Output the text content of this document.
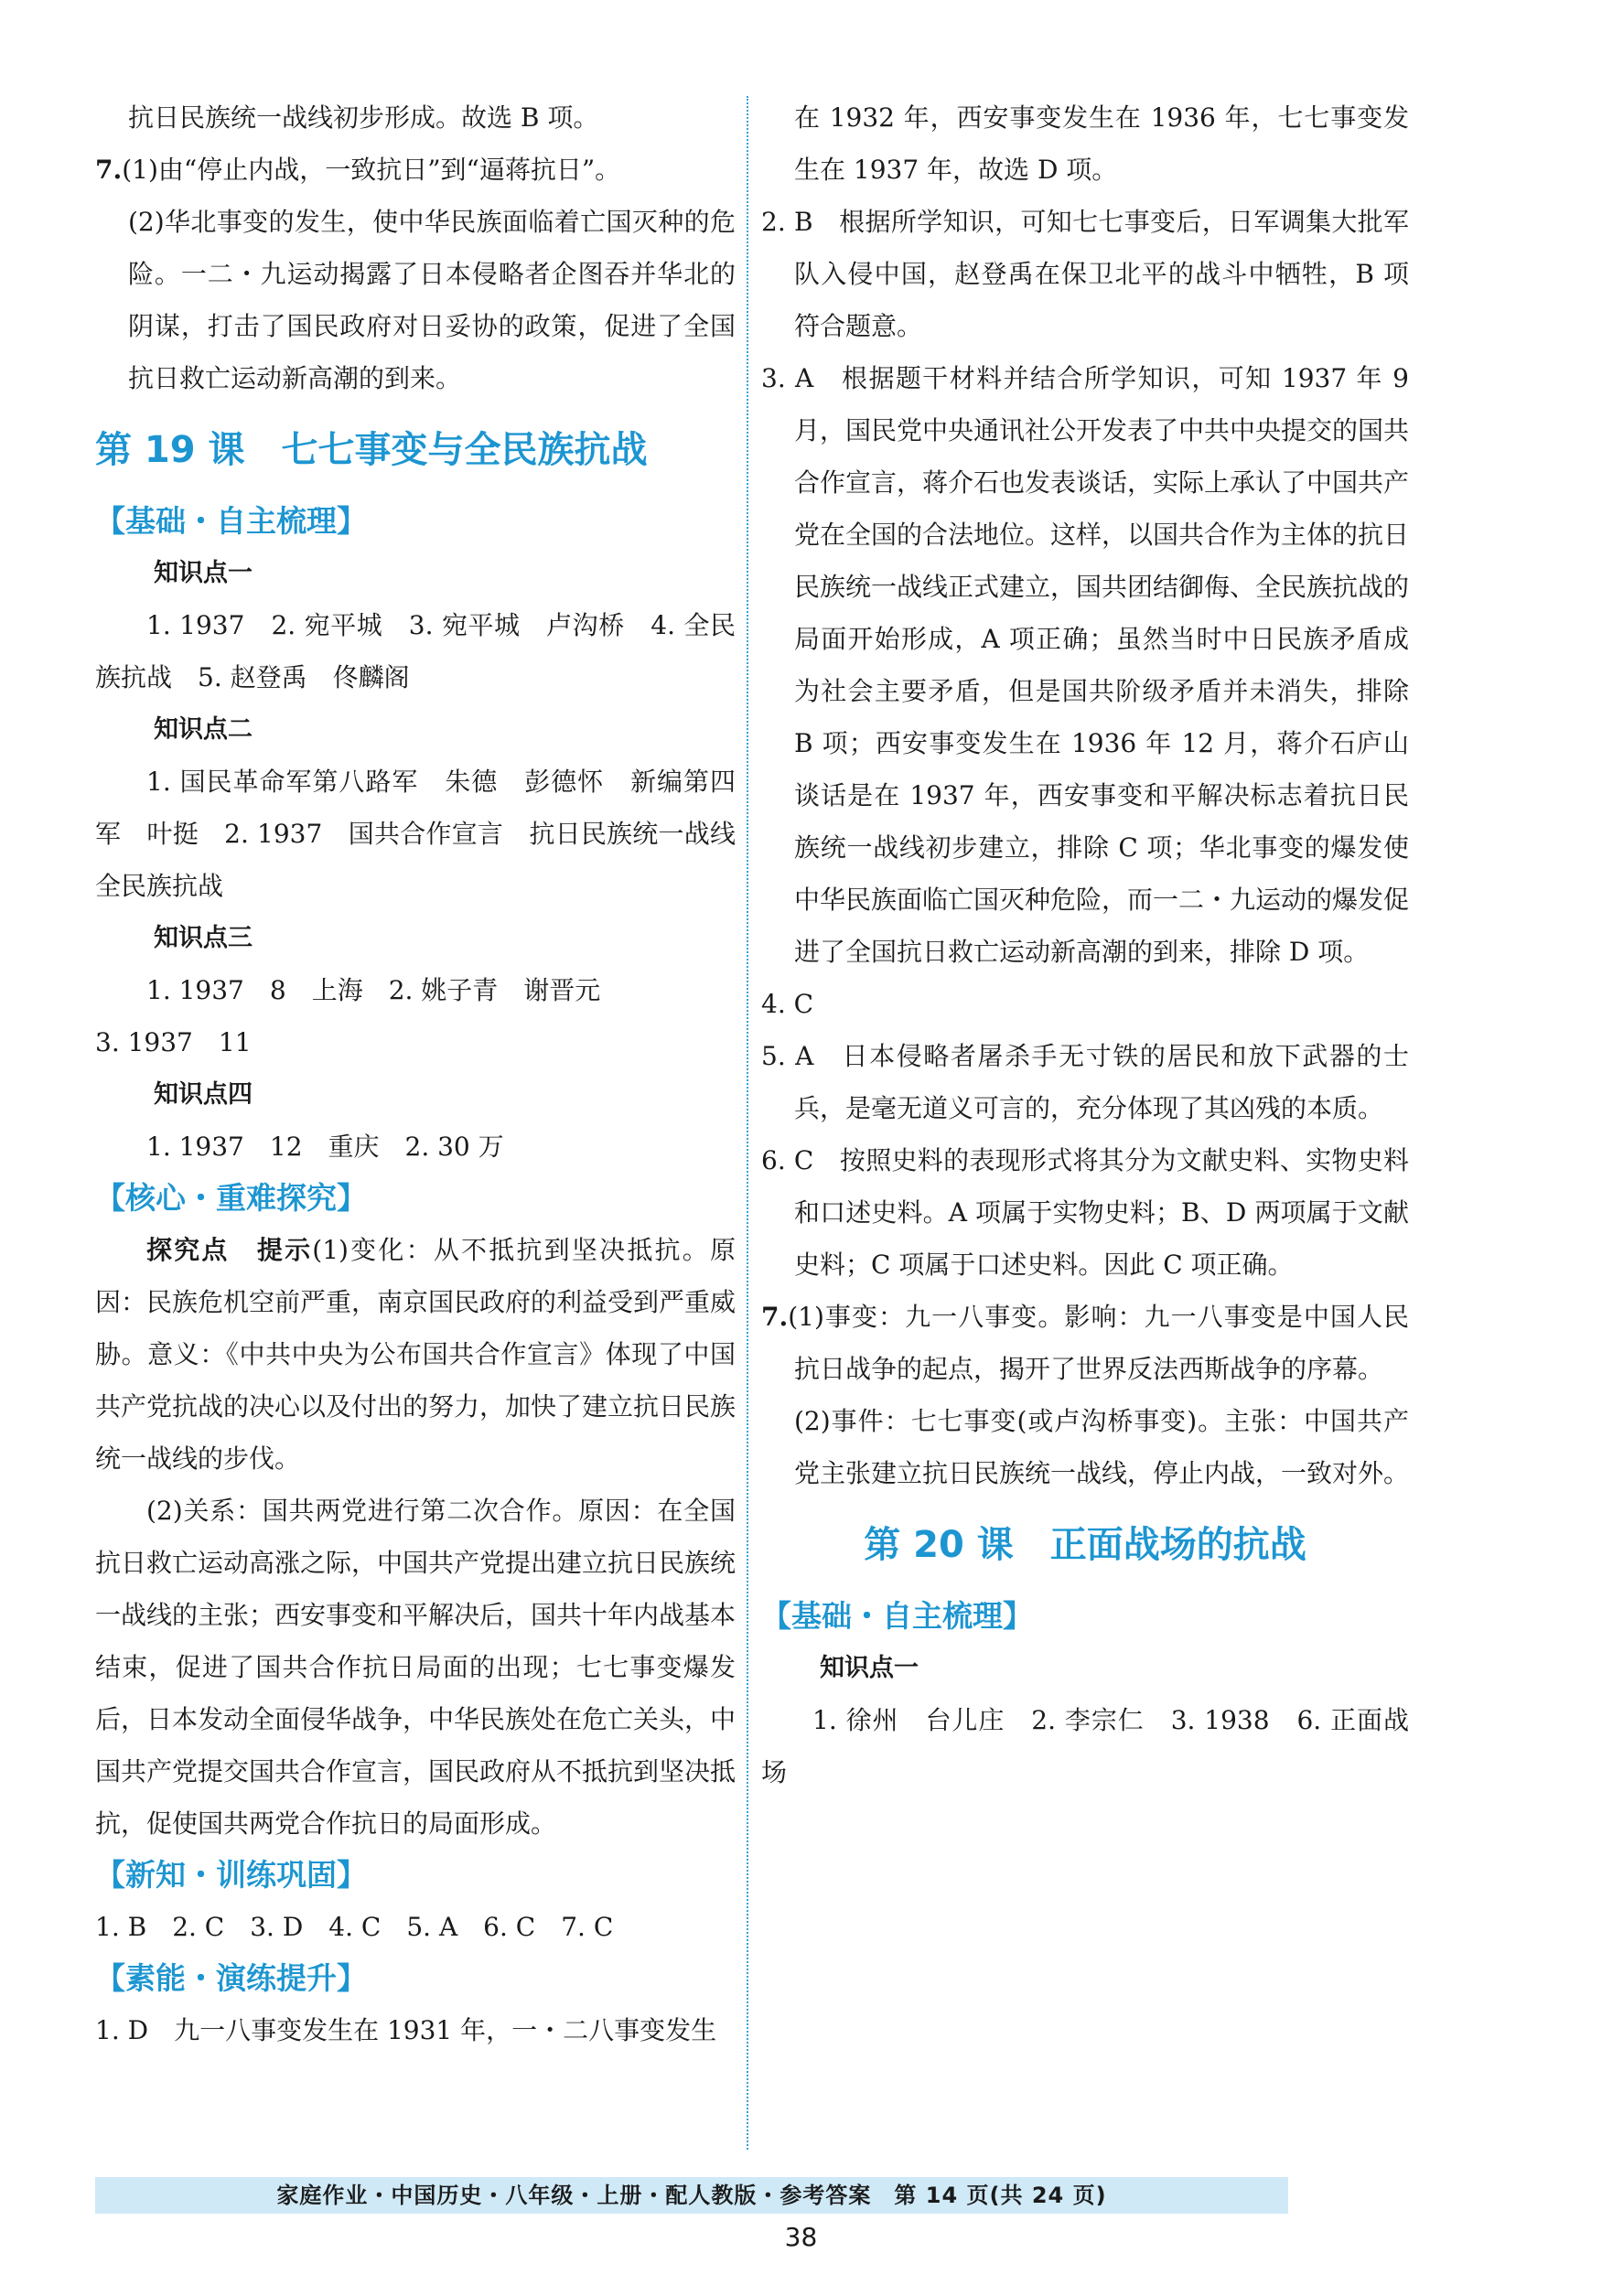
抗日民族统一战线初步形成。故选 B 项。

7.(1)由“停止内战，一致抗日”到“逼蒋抗日”。

(2)华北事变的发生，使中华民族面临着亡国灭种的危险。一二・九运动揭露了日本侵略者企图吞并华北的阴谋，打击了国民政府对日妥协的政策，促进了全国抗日救亡运动新高潮的到来。

第 19 课　七七事变与全民族抗战
【基础・自主梳理】
知识点一

1. 1937　2. 宛平城　3. 宛平城　卢沟桥　4. 全民族抗战　5. 赵登禹　佟麟阁

知识点二

1. 国民革命军第八路军　朱德　彭德怀　新编第四军　叶挺　2. 1937　国共合作宣言　抗日民族统一战线　全民族抗战

知识点三

1. 1937　8　上海　2. 姚子青　谢晋元

3. 1937　11

知识点四

1. 1937　12　重庆　2. 30 万

【核心・重难探究】

探究点　提示(1)变化：从不抵抗到坚决抵抗。原因：民族危机空前严重，南京国民政府的利益受到严重威胁。意义：《中共中央为公布国共合作宣言》体现了中国共产党抗战的决心以及付出的努力，加快了建立抗日民族统一战线的步伐。

(2)关系：国共两党进行第二次合作。原因：在全国抗日救亡运动高涨之际，中国共产党提出建立抗日民族统一战线的主张；西安事变和平解决后，国共十年内战基本结束，促进了国共合作抗日局面的出现；七七事变爆发后，日本发动全面侵华战争，中华民族处在危亡关头，中国共产党提交国共合作宣言，国民政府从不抵抗到坚决抵抗，促使国共两党合作抗日的局面形成。

【新知・训练巩固】

1. B　2. C　3. D　4. C　5. A　6. C　7. C

【素能・演练提升】

1. D　九一八事变发生在 1931 年，一・二八事变发生

在 1932 年，西安事变发生在 1936 年，七七事变发生在 1937 年，故选 D 项。

2. B　根据所学知识，可知七七事变后，日军调集大批军队入侵中国，赵登禹在保卫北平的战斗中牺牲，B 项符合题意。

3. A　根据题干材料并结合所学知识，可知 1937 年 9 月，国民党中央通讯社公开发表了中共中央提交的国共合作宣言，蒋介石也发表谈话，实际上承认了中国共产党在全国的合法地位。这样，以国共合作为主体的抗日民族统一战线正式建立，国共团结御侮、全民族抗战的局面开始形成，A 项正确；虽然当时中日民族矛盾成为社会主要矛盾，但是国共阶级矛盾并未消失，排除 B 项；西安事变发生在 1936 年 12 月，蒋介石庐山谈话是在 1937 年，西安事变和平解决标志着抗日民族统一战线初步建立，排除 C 项；华北事变的爆发使中华民族面临亡国灭种危险，而一二・九运动的爆发促进了全国抗日救亡运动新高潮的到来，排除 D 项。

4. C

5. A　日本侵略者屠杀手无寸铁的居民和放下武器的士兵，是毫无道义可言的，充分体现了其凶残的本质。

6. C　按照史料的表现形式将其分为文献史料、实物史料和口述史料。A 项属于实物史料；B、D 两项属于文献史料；C 项属于口述史料。因此 C 项正确。

7.(1)事变：九一八事变。影响：九一八事变是中国人民抗日战争的起点，揭开了世界反法西斯战争的序幕。

(2)事件：七七事变(或卢沟桥事变)。主张：中国共产党主张建立抗日民族统一战线，停止内战，一致对外。

第 20 课　正面战场的抗战
【基础・自主梳理】
知识点一

1. 徐州　台儿庄　2. 李宗仁　3. 1938　6. 正面战场

家庭作业・中国历史・八年级・上册・配人教版・参考答案　第 14 页(共 24 页)
38
